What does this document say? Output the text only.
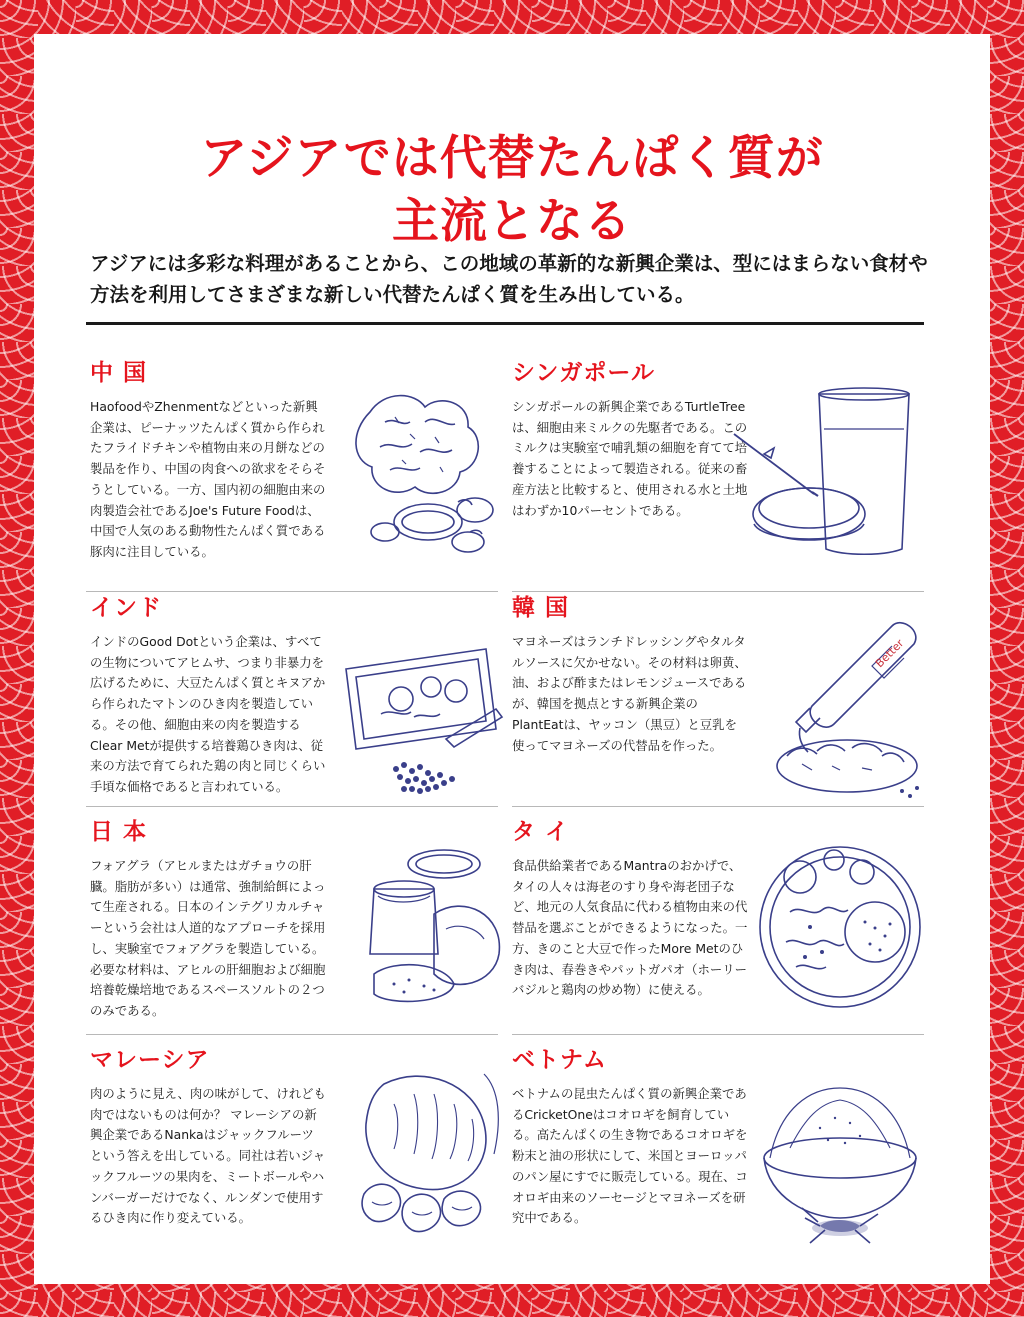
アジアでは代替たんぱく質が
主流となる
アジアには多彩な料理があることから、この地域の革新的な新興企業は、型にはまらない食材や方法を利用してさまざまな新しい代替たんぱく質を生み出している。
中 国
HaofoodやZhenmentなどといった新興企業は、ピーナッツたんぱく質から作られたフライドチキンや植物由来の月餅などの製品を作り、中国の肉食への欲求をそらそうとしている。一方、国内初の細胞由来の肉製造会社であるJoe's Future Foodは、中国で人気のある動物性たんぱく質である豚肉に注目している。
シンガポール
シンガポールの新興企業であるTurtleTreeは、細胞由来ミルクの先駆者である。このミルクは実験室で哺乳類の細胞を育てて培養することによって製造される。従来の畜産方法と比較すると、使用される水と土地はわずか10パーセントである。
インド
インドのGood Dotという企業は、すべての生物についてアヒムサ、つまり非暴力を広げるために、大豆たんぱく質とキヌアから作られたマトンのひき肉を製造している。その他、細胞由来の肉を製造するClear Metが提供する培養鶏ひき肉は、従来の方法で育てられた鶏の肉と同じくらい手頃な価格であると言われている。
韓 国
マヨネーズはランチドレッシングやタルタルソースに欠かせない。その材料は卵黄、油、および酢またはレモンジュースであるが、韓国を拠点とする新興企業のPlantEatは、ヤッコン（黒豆）と豆乳を使ってマヨネーズの代替品を作った。
Better
日 本
フォアグラ（アヒルまたはガチョウの肝臓。脂肪が多い）は通常、強制給餌によって生産される。日本のインテグリカルチャーという会社は人道的なアプローチを採用し、実験室でフォアグラを製造している。必要な材料は、アヒルの肝細胞および細胞培養乾燥培地であるスペースソルトの２つのみである。
タ イ
食品供給業者であるMantraのおかげで、タイの人々は海老のすり身や海老団子など、地元の人気食品に代わる植物由来の代替品を選ぶことができるようになった。一方、きのこと大豆で作ったMore Metのひき肉は、春巻きやパットガパオ（ホーリーバジルと鶏肉の炒め物）に使える。
マレーシア
肉のように見え、肉の味がして、けれども肉ではないものは何か？ マレーシアの新興企業であるNankaはジャックフルーツという答えを出している。同社は若いジャックフルーツの果肉を、ミートボールやハンバーガーだけでなく、ルンダンで使用するひき肉に作り変えている。
ベトナム
ベトナムの昆虫たんぱく質の新興企業であるCricketOneはコオロギを飼育している。高たんぱくの生き物であるコオロギを粉末と油の形状にして、米国とヨーロッパのパン屋にすでに販売している。現在、コオロギ由来のソーセージとマヨネーズを研究中である。
